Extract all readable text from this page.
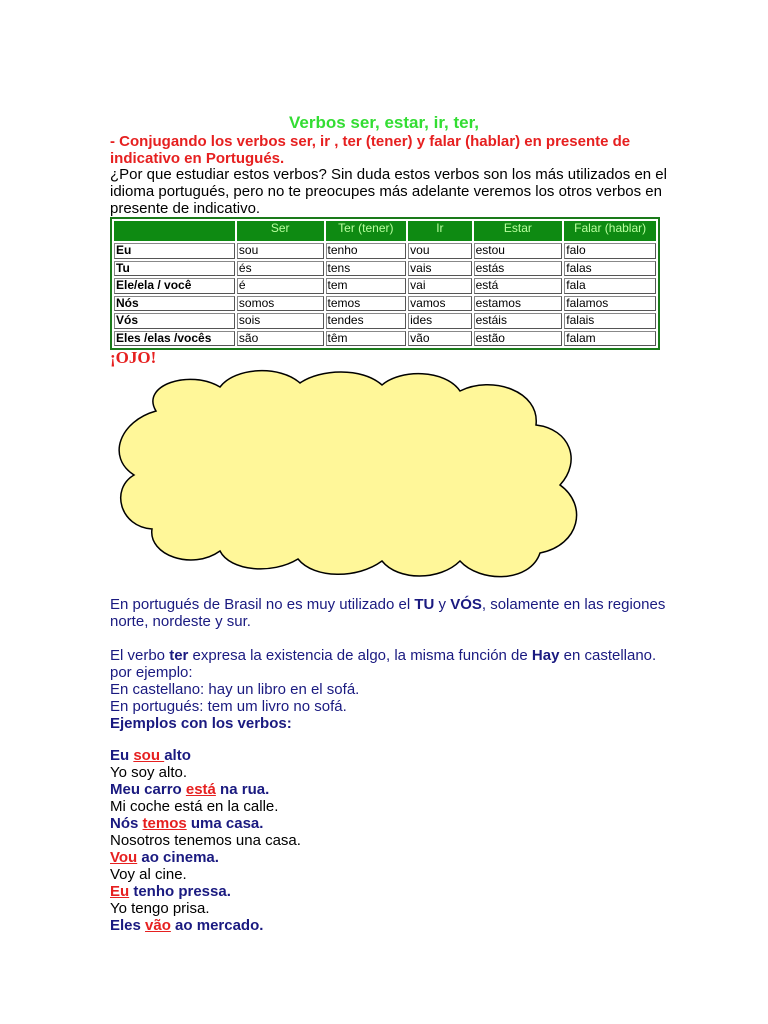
Verbos ser, estar, ir, ter,
- Conjugando los verbos ser, ir , ter (tener) y falar (hablar) en presente de indicativo en Portugués.
¿Por que estudiar estos verbos? Sin duda estos verbos son los más utilizados en el idioma portugués, pero no te preocupes más adelante veremos los otros verbos en presente de indicativo.
	Ser	Ter (tener)	Ir	Estar	Falar (hablar)
Eu	sou	tenho	vou	estou	falo
Tu	és	tens	vais	estás	falas
Ele/ela / você	é	tem	vai	está	fala
Nós	somos	temos	vamos	estamos	falamos
Vós	sois	tendes	ides	estáis	falais
Eles /elas /vocês	são	têm	vão	estão	falam
¡OJO!
En portugués de Brasil no es muy utilizado el TU y VÓS, solamente en las regiones norte, nordeste y sur.
El verbo ter expresa la existencia de algo, la misma función de Hay en castellano. por ejemplo:
En castellano: hay un libro en el sofá.
En portugués: tem um livro no sofá.
Ejemplos con los verbos:
Eu sou alto
Yo soy alto.
Meu carro está na rua.
Mi coche está en la calle.
Nós temos uma casa.
Nosotros tenemos una casa.
Vou ao cinema.
Voy al cine.
Eu tenho pressa.
Yo tengo prisa.
Eles vão ao mercado.
